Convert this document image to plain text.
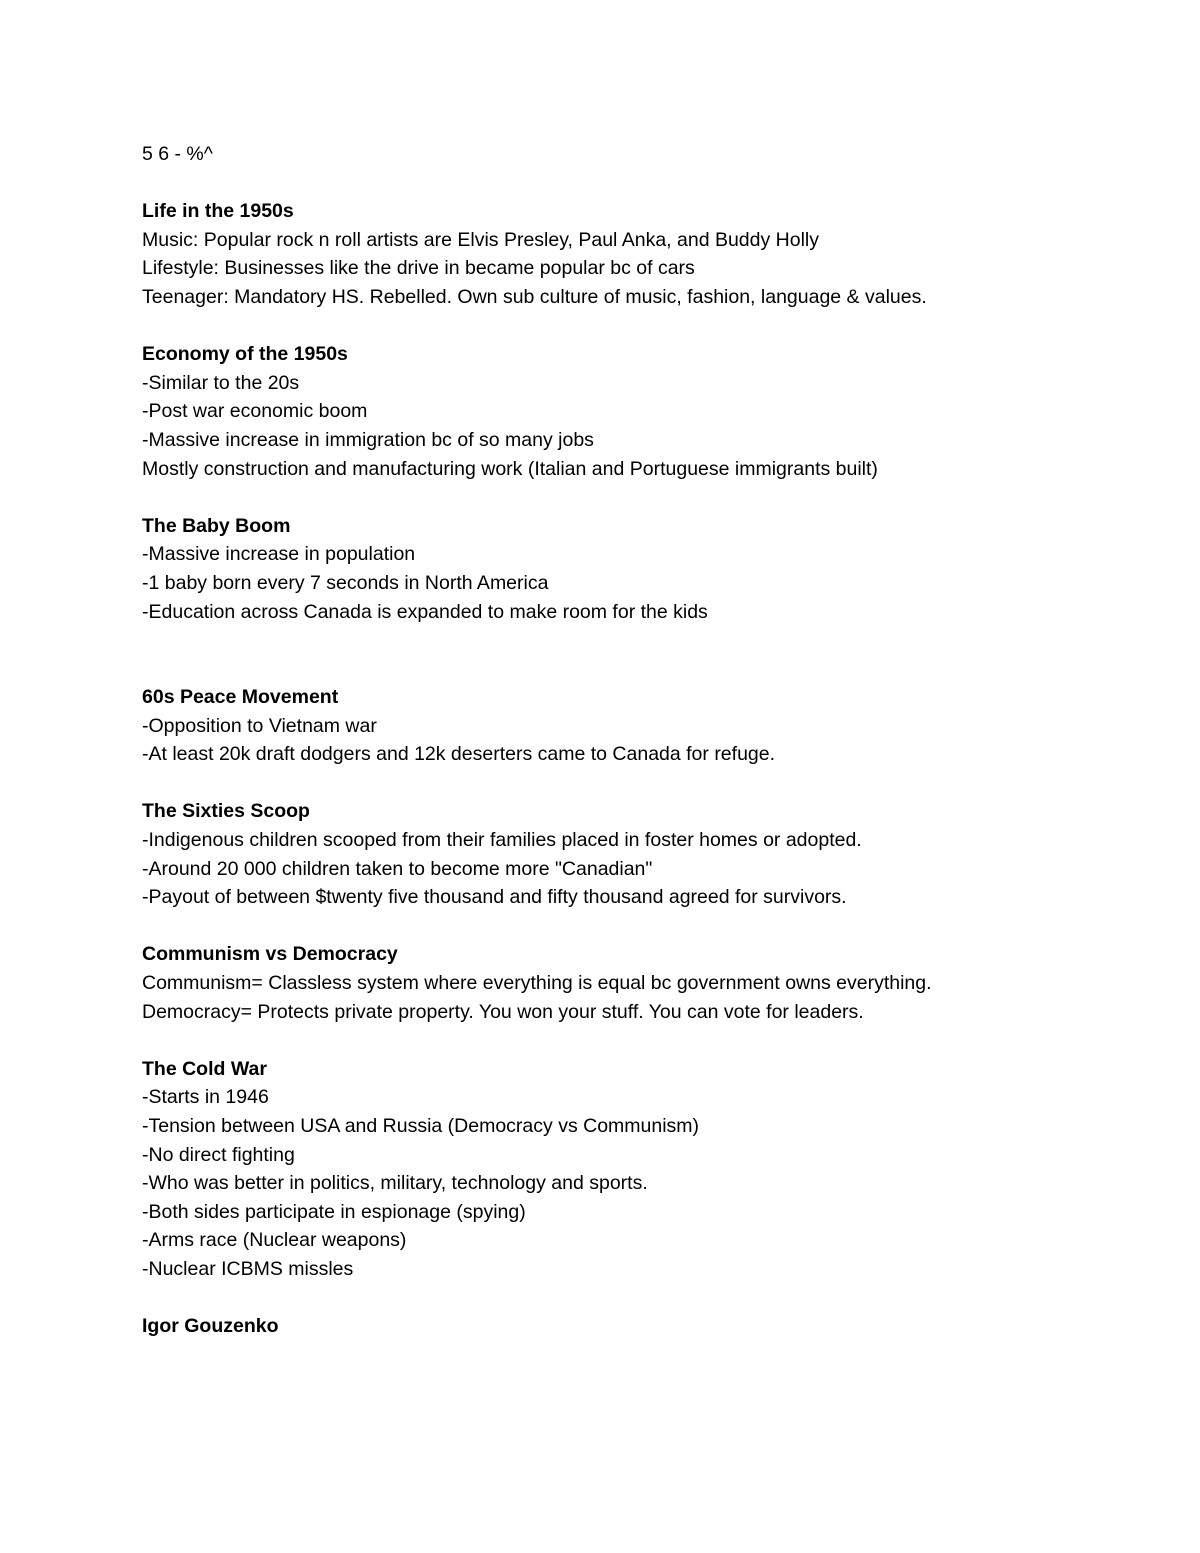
5 6 - %^

Life in the 1950s

Music: Popular rock n roll artists are Elvis Presley, Paul Anka, and Buddy Holly

Lifestyle: Businesses like the drive in became popular bc of cars

Teenager: Mandatory HS. Rebelled. Own sub culture of music, fashion, language & values.

Economy of the 1950s

-Similar to the 20s

-Post war economic boom

-Massive increase in immigration bc of so many jobs

Mostly construction and manufacturing work (Italian and Portuguese immigrants built)

The Baby Boom

-Massive increase in population

-1 baby born every 7 seconds in North America

-Education across Canada is expanded to make room for the kids

60s Peace Movement

-Opposition to Vietnam war

-At least 20k draft dodgers and 12k deserters came to Canada for refuge.

The Sixties Scoop

-Indigenous children scooped from their families placed in foster homes or adopted.

-Around 20 000 children taken to become more "Canadian"

-Payout of between $twenty five thousand and fifty thousand agreed for survivors.

Communism vs Democracy

Communism= Classless system where everything is equal bc government owns everything.

Democracy= Protects private property. You won your stuff. You can vote for leaders.

The Cold War

-Starts in 1946

-Tension between USA and Russia (Democracy vs Communism)

-No direct fighting

-Who was better in politics, military, technology and sports.

-Both sides participate in espionage (spying)

-Arms race (Nuclear weapons)

-Nuclear ICBMS missles

Igor Gouzenko
